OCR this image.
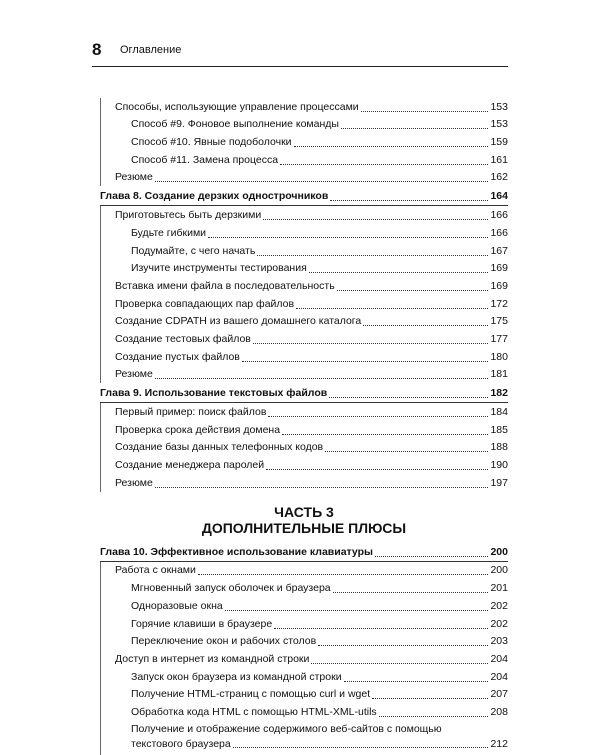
8 Оглавление
Способы, использующие управление процессами	153
Способ #9. Фоновое выполнение команды	153
Способ #10. Явные подоболочки	159
Способ #11. Замена процесса	161
Резюме	162
Глава 8. Создание дерзких однострочников	164
Приготовьтесь быть дерзкими	166
Будьте гибкими	166
Подумайте, с чего начать	167
Изучите инструменты тестирования	169
Вставка имени файла в последовательность	169
Проверка совпадающих пар файлов	172
Создание CDPATH из вашего домашнего каталога	175
Создание тестовых файлов	177
Создание пустых файлов	180
Резюме	181
Глава 9. Использование текстовых файлов	182
Первый пример: поиск файлов	184
Проверка срока действия домена	185
Создание базы данных телефонных кодов	188
Создание менеджера паролей	190
Резюме	197
ЧАСТЬ 3
ДОПОЛНИТЕЛЬНЫЕ ПЛЮСЫ
Глава 10. Эффективное использование клавиатуры	200
Работа с окнами	200
Мгновенный запуск оболочек и браузера	201
Одноразовые окна	202
Горячие клавиши в браузере	202
Переключение окон и рабочих столов	203
Доступ в интернет из командной строки	204
Запуск окон браузера из командной строки	204
Получение HTML-страниц с помощью curl и wget	207
Обработка кода HTML с помощью HTML-XML-utils	208
Получение и отображение содержимого веб-сайтов с помощью
текстового браузера	212
